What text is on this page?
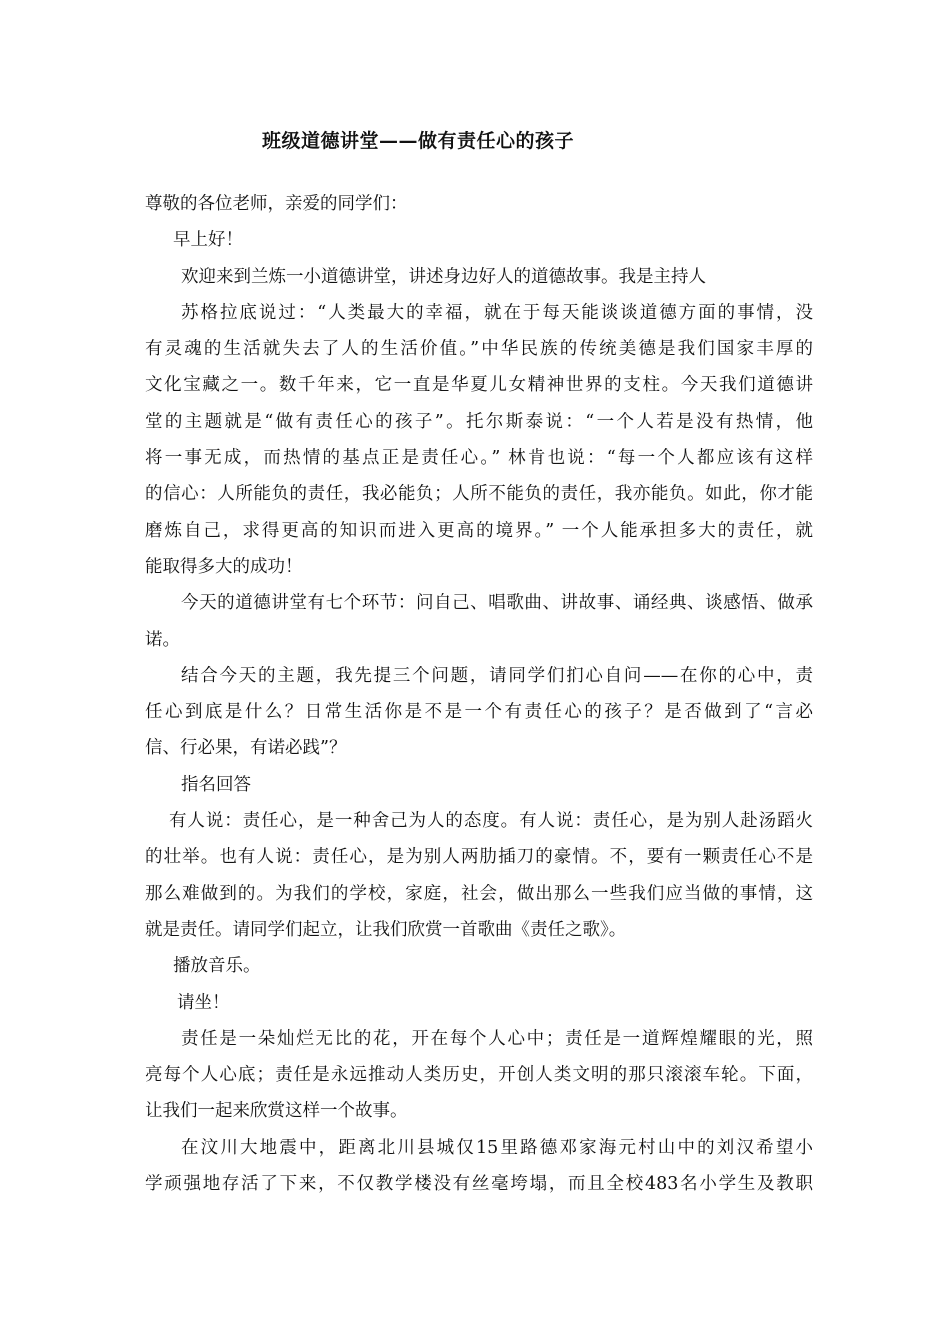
班级道德讲堂——做有责任心的孩子
尊敬的各位老师，亲爱的同学们：
早上好！
欢迎来到兰炼一小道德讲堂，讲述身边好人的道德故事。我是主持人
苏格拉底说过：“人类最大的幸福，就在于每天能谈谈道德方面的事情，没
有灵魂的生活就失去了人的生活价值。”中华民族的传统美德是我们国家丰厚的
文化宝藏之一。数千年来，它一直是华夏儿女精神世界的支柱。今天我们道德讲
堂的主题就是“做有责任心的孩子”。托尔斯泰说：“一个人若是没有热情，他
将一事无成，而热情的基点正是责任心。” 林肯也说：“每一个人都应该有这样
的信心：人所能负的责任，我必能负；人所不能负的责任，我亦能负。如此，你才能
磨炼自己，求得更高的知识而进入更高的境界。” 一个人能承担多大的责任，就
能取得多大的成功！
今天的道德讲堂有七个环节：问自己、唱歌曲、讲故事、诵经典、谈感悟、做承
诺。
结合今天的主题，我先提三个问题，请同学们扪心自问——在你的心中，责
任心到底是什么？日常生活你是不是一个有责任心的孩子？是否做到了“言必
信、行必果，有诺必践”？
指名回答
有人说：责任心，是一种舍己为人的态度。有人说：责任心，是为别人赴汤蹈火
的壮举。也有人说：责任心，是为别人两肋插刀的豪情。不，要有一颗责任心不是
那么难做到的。为我们的学校，家庭，社会，做出那么一些我们应当做的事情，这
就是责任。请同学们起立，让我们欣赏一首歌曲《责任之歌》。
播放音乐。
请坐！
责任是一朵灿烂无比的花，开在每个人心中；责任是一道辉煌耀眼的光，照
亮每个人心底；责任是永远推动人类历史，开创人类文明的那只滚滚车轮。下面，
让我们一起来欣赏这样一个故事。
在汶川大地震中，距离北川县城仅15里路德邓家海元村山中的刘汉希望小
学顽强地存活了下来，不仅教学楼没有丝毫垮塌，而且全校483名小学生及教职
